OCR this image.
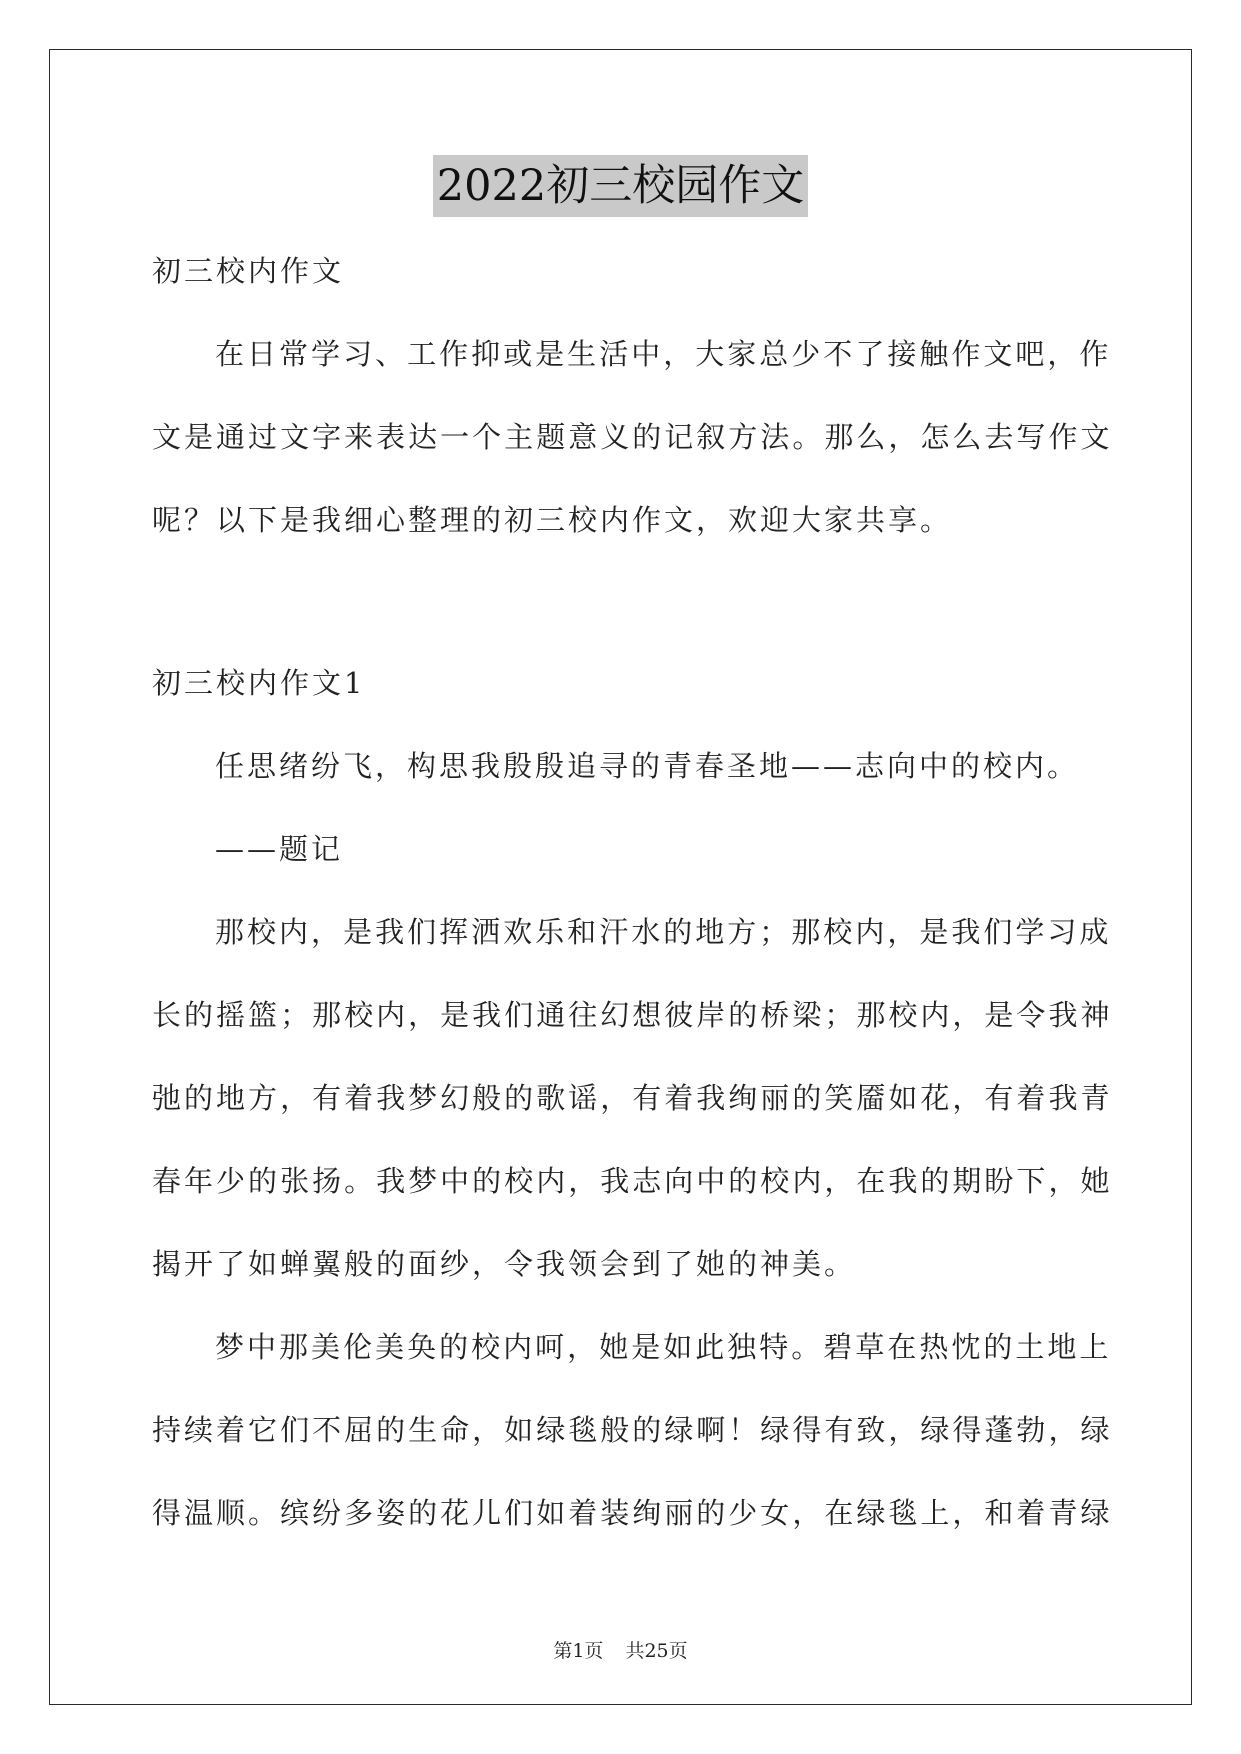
2022初三校园作文
初三校内作文
在 日 常 学 习 、 工 作 抑 或 是 生 活 中 ， 大 家 总 少 不 了 接 触 作 文 吧 ， 作
文 是 通 过 文 字 来 表 达 一 个 主 题 意 义 的 记 叙 方 法 。 那 么 ， 怎 么 去 写 作 文
呢？以下是我细心整理的初三校内作文，欢迎大家共享。
初三校内作文1
任思绪纷飞，构思我殷殷追寻的青春圣地——志向中的校内。
——题记
那 校 内 ， 是 我 们 挥 洒 欢 乐 和 汗 水 的 地 方 ； 那 校 内 ， 是 我 们 学 习 成
长 的 摇 篮 ； 那 校 内 ， 是 我 们 通 往 幻 想 彼 岸 的 桥 梁 ； 那 校 内 ， 是 令 我 神
弛 的 地 方 ， 有 着 我 梦 幻 般 的 歌 谣 ， 有 着 我 绚 丽 的 笑 靥 如 花 ， 有 着 我 青
春 年 少 的 张 扬 。 我 梦 中 的 校 内 ， 我 志 向 中 的 校 内 ， 在 我 的 期 盼 下 ， 她
揭开了如蝉翼般的面纱，令我领会到了她的神美。
梦 中 那 美 伦 美 奂 的 校 内 呵 ， 她 是 如 此 独 特 。 碧 草 在 热 忱 的 土 地 上
持 续 着 它 们 不 屈 的 生 命 ， 如 绿 毯 般 的 绿 啊 ！ 绿 得 有 致 ， 绿 得 蓬 勃 ， 绿
得 温 顺 。 缤 纷 多 姿 的 花 儿 们 如 着 装 绚 丽 的 少 女 ， 在 绿 毯 上 ， 和 着 青 绿
第1页 共25页
